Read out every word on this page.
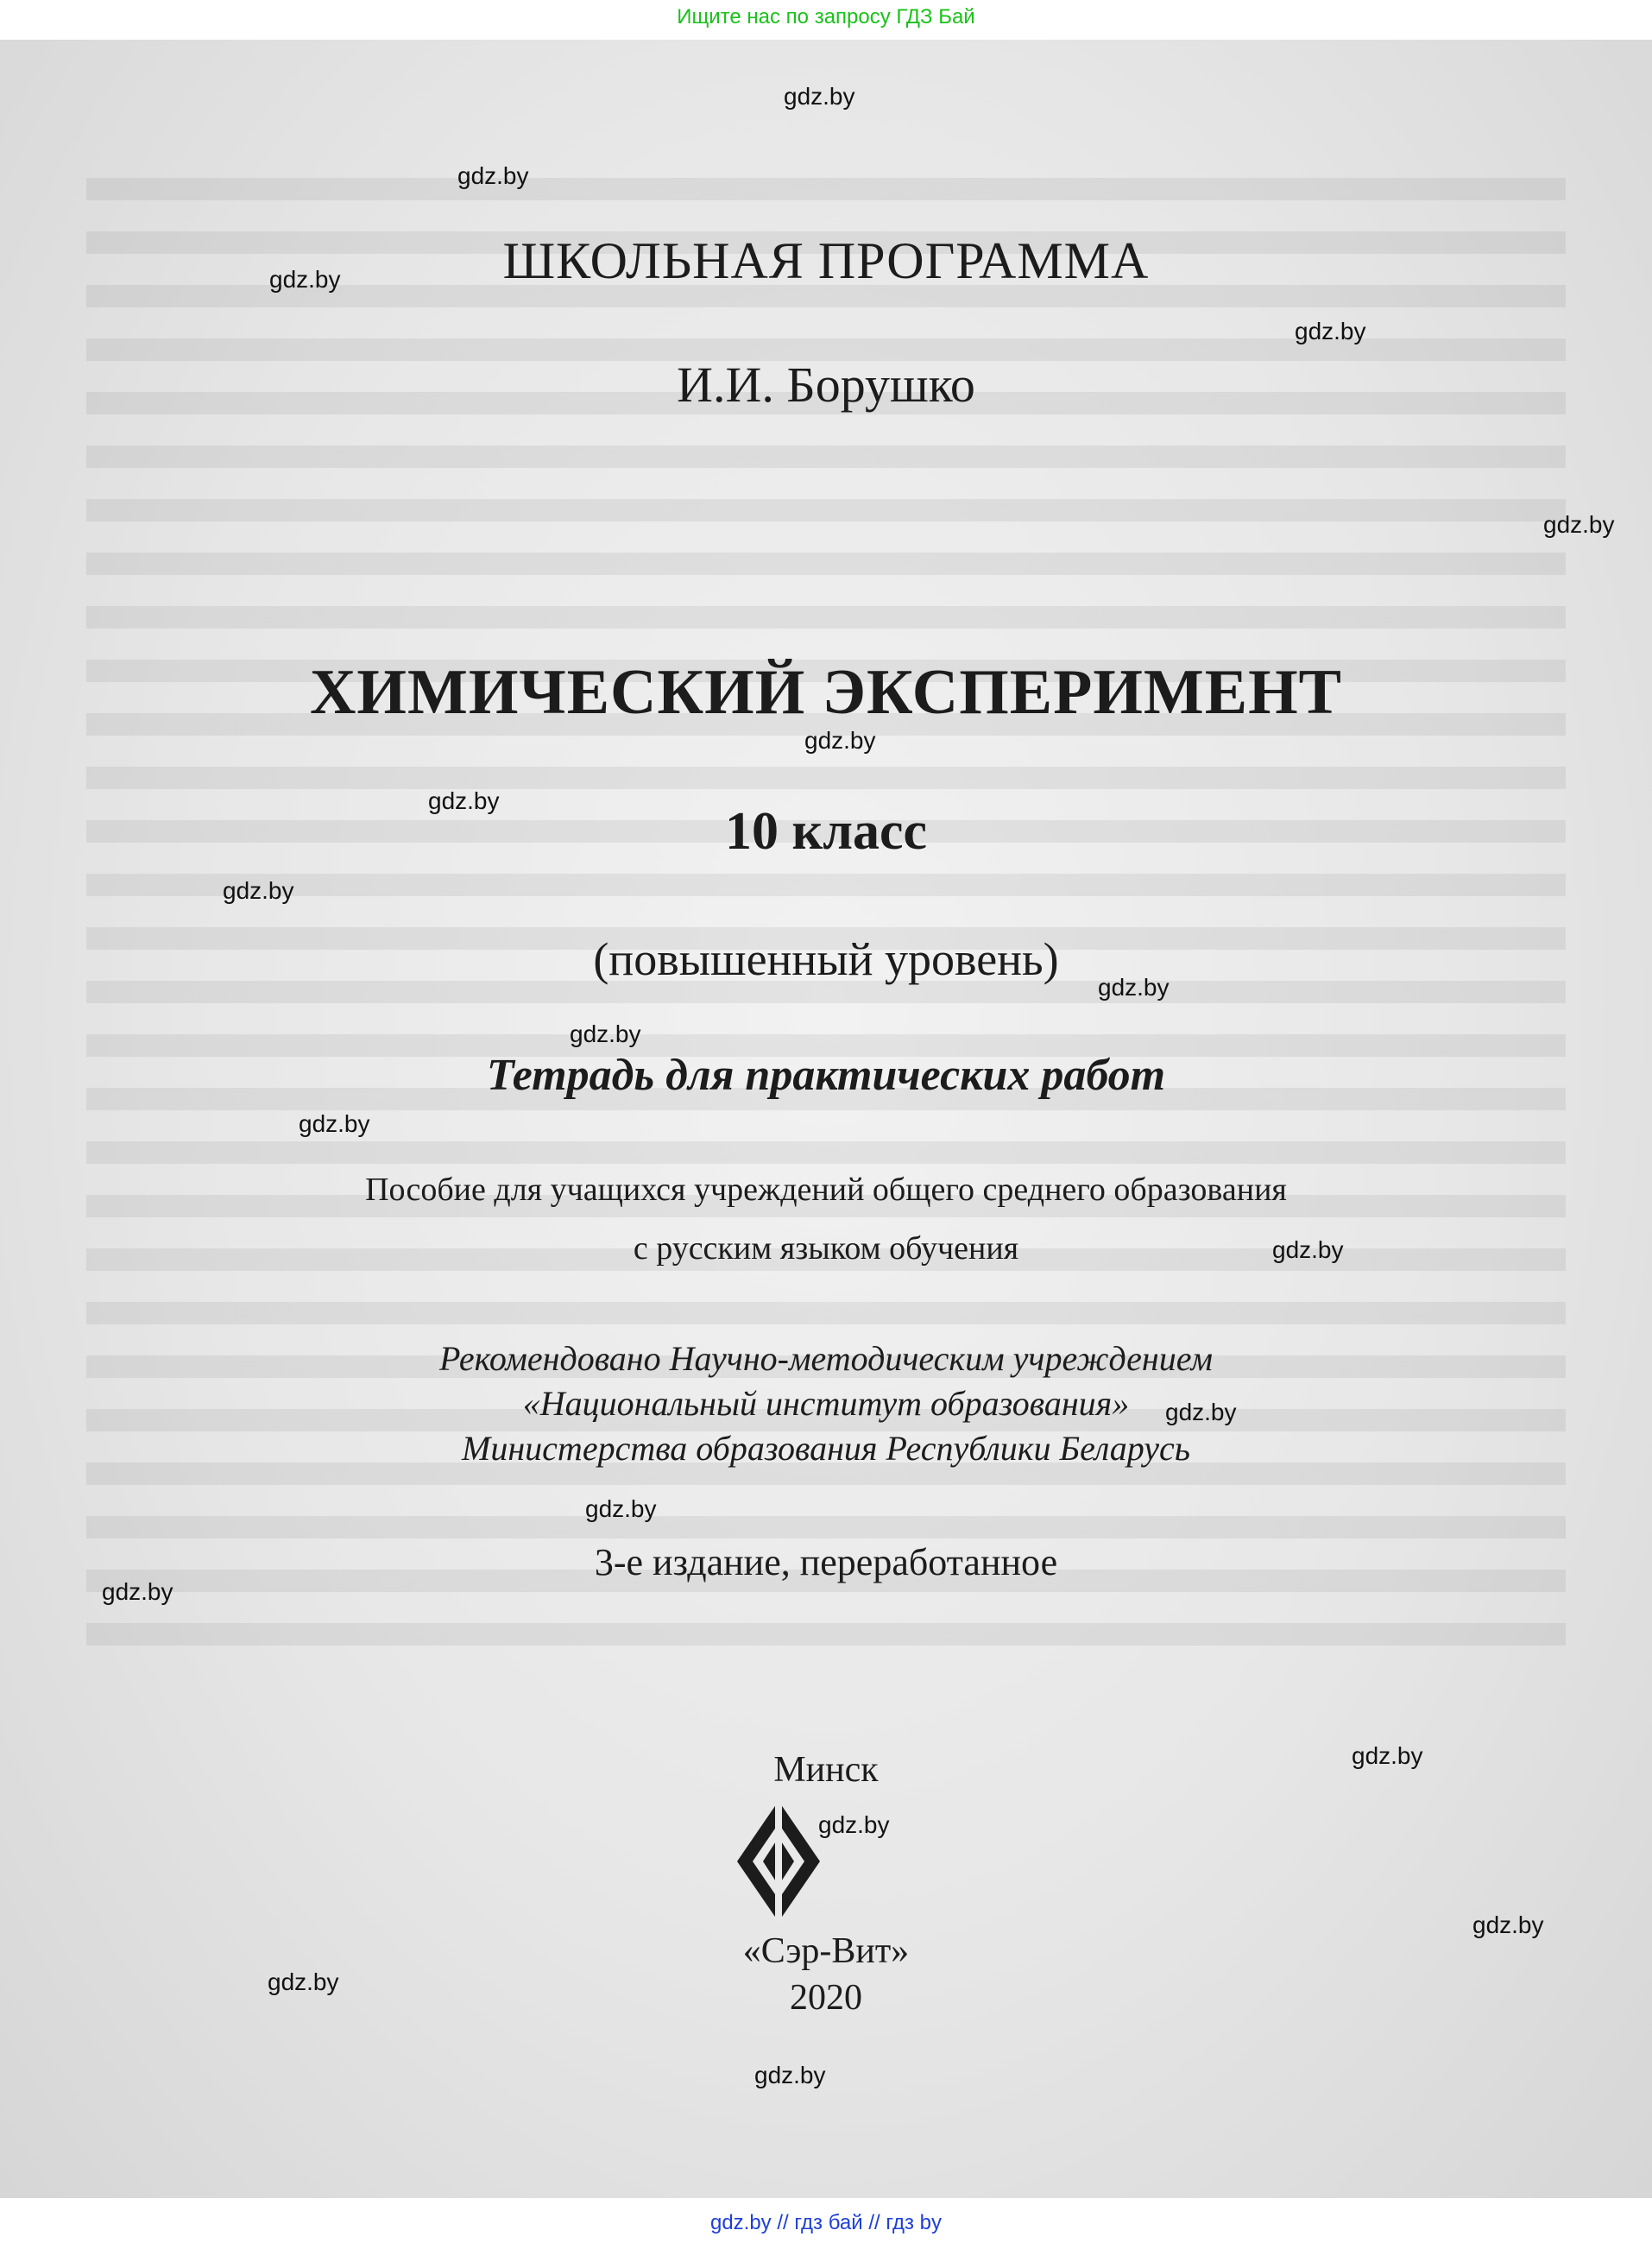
Ищите нас по запросу ГДЗ Бай
ШКОЛЬНАЯ ПРОГРАММА
И.И. Борушко
ХИМИЧЕСКИЙ ЭКСПЕРИМЕНТ
10 класс
(повышенный уровень)
Тетрадь для практических работ
Пособие для учащихся учреждений общего среднего образования
с русским языком обучения
Рекомендовано Научно-методическим учреждением
«Национальный институт образования»
Министерства образования Республики Беларусь
3-е издание, переработанное
Минск
«Сэр-Вит»
2020
gdz.by
gdz.by
gdz.by
gdz.by
gdz.by
gdz.by
gdz.by
gdz.by
gdz.by
gdz.by
gdz.by
gdz.by
gdz.by
gdz.by
gdz.by
gdz.by
gdz.by
gdz.by
gdz.by
gdz.by
gdz.by // гдз бай // гдз by
